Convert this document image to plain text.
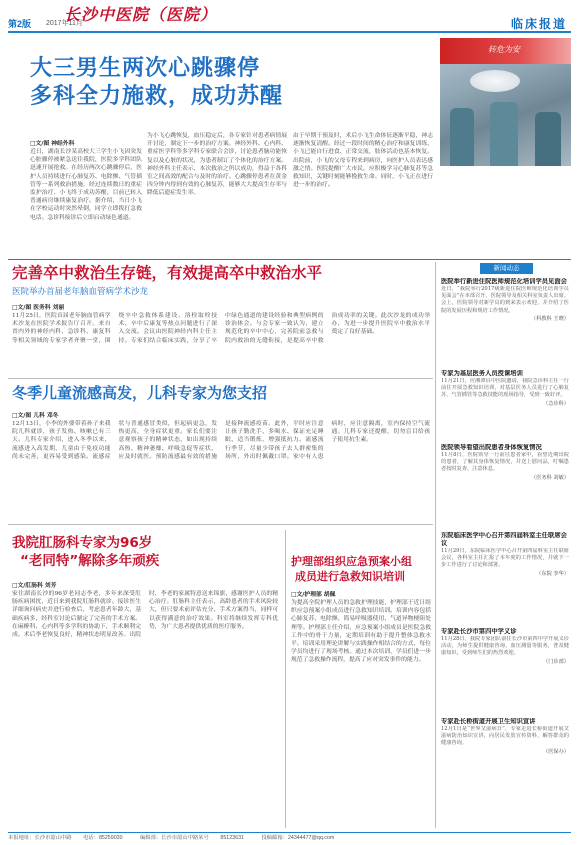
第2版 2017年11月
长沙中医院（医院）	临床报道
大三男生两次心跳骤停
多科全力施救，成功苏醒
转危为安
□文/图 神经外科
近日，湖南长沙某高校大三学生小飞因突发心脏骤停被紧急送往我院，医院多学科团队迅速开展抢救。在经历两次心跳骤停后，医护人员持续进行心肺复苏、电除颤、气管插管等一系列救治措施，经过连续数日的重症监护治疗，小飞终于成功苏醒，目前已转入普通病房继续康复治疗。据介绍，当日小飞在学校运动时突然晕倒，同学立即拨打急救电话。急诊科接诊后立即启动绿色通道。
为小飞心跳恢复，血压稳定后，各专家针对患者病情展开讨论，制定下一步的治疗方案。神经外科、心内科、重症医学科等多学科专家联合会诊，讨论患者脑功能恢复以及心脏的状况，为患者制订了个体化的治疗方案。神经外科主任表示，本次救治之所以成功，得益于各科室之间高效的配合与及时的治疗。心跳骤停患者在黄金四分钟内得到有效的心肺复苏，能够大大提高生存率与降低后遗症发生率。
由于早期干预及时，术后小飞生命体征逐渐平稳，神志逐渐恢复清醒。经过一段时间的精心治疗和康复训练，小飞已能自行进食、正常交流，肢体活动也基本恢复。出院前，小飞的父母专程来到病房，向医护人员表达感激之情。医院提醒广大市民，应积极学习心肺复苏等急救知识，关键时刻能够挽救生命。同时，小飞正在进行进一步的治疗。
完善卒中救治生存链，有效提高卒中救治水平
医院举办首届老年脑血管病学术沙龙
□文/图 医务科 刘丽
11月25日，医院首届老年脑血管病学术沙龙在医院学术报告厅召开。来自省内外的神经内科、急诊科、康复科等相关领域的专家学者齐聚一堂，围绕卒中急救体系建设、溶栓取栓技术、卒中后康复等热点问题进行了深入交流。会议由医院神经内科主任主持。专家们结合临床实践，分享了卒中绿色通道的建设经验和典型病例的诊治体会。与会专家一致认为，建立规范化的卒中中心，完善院前急救与院内救治的无缝衔接，是提高卒中救治成功率的关键。此次沙龙的成功举办，为进一步提升医院卒中救治水平奠定了良好基础。
冬季儿童流感高发，儿科专家为您支招
□文/图 儿科 邓冬
12月13日，小李的外婆带着孙子来我院儿科就诊，孩子发热、咳嗽已有三天。儿科专家介绍，进入冬季以来，流感进入高发期，儿童由于免疫功能尚未完善，更容易受到感染。流感症状与普通感冒类似，但起病更急，发热更高，全身症状更重。家长们要注意观察孩子的精神状态，如出现持续高热、精神萎靡、呼吸急促等症状，应及时就医。预防流感最有效的措施是接种流感疫苗。此外，平时应注意让孩子勤洗手、多喝水、保证充足睡眠、适当锻炼，增强抵抗力。流感流行季节，尽量少带孩子去人群密集的场所，外出时佩戴口罩。家中有人患病时，应注意隔离，室内保持空气流通。儿科专家还提醒，切勿盲目给孩子使用抗生素。
我院肛肠科专家为96岁
“老同特”解除多年顽疾
□文/肛肠科 刘芳
家住湖南长沙的96岁老同志李老，多年来深受肛肠疾病困扰，近日来到我院肛肠科就诊。接诊医生详细询问病史并进行检查后，考虑患者年龄大、基础疾病多，经科室讨论后制定了完善的手术方案。在麻醉科、心内科等多学科的协助下，手术顺利完成。术后李老恢复良好，精神状态明显改善。出院时，李老的家属特意送来锦旗，感谢医护人员的精心治疗。肛肠科主任表示，高龄患者的手术风险较大，但只要术前评估充分、手术方案得当，同样可以获得满意的治疗效果。科室将继续发挥专科优势，为广大患者提供优质的医疗服务。
护理部组织应急预案小组
成员进行急救知识培训
□文/护理部 胡佩
为提高全院护理人员的急救护理技能，护理部于近日组织应急预案小组成员进行急救知识培训。培训内容包括心肺复苏、电除颤、简易呼吸器使用、气道异物梗阻处理等。护理部主任介绍，应急预案小组成员是医院急救工作中的骨干力量，定期培训有助于提升整体急救水平。培训采用理论讲解与实践操作相结合的方式，每位学员均进行了现场考核。通过本次培训，学员们进一步规范了急救操作流程，提高了应对突发事件的能力。
新闻动态
医院举行新进住院医师规范化培训学员见面会
近日，“我院举行2017级新进住院医师规范化培训学员见面会”在本部召开，医院领导及相关科室负责人出席。会上，医院领导对新学员的到来表示欢迎，并介绍了医院的发展历程和规培工作情况。
（科教科 王晓）
专家为基层医务人员授课培训
11月21日，应湘潭县中医院邀请，我院急诊科主任一行前往开展急救知识培训，对基层医务人员进行了心肺复苏、气管插管等急救技能的现场指导，受到一致好评。
（急诊科）
医院领导看望出院患者身体恢复情况
11月8日，医院领导一行前往患者家中，看望近期出院的患者，了解其身体恢复情况，并送上慰问品，叮嘱患者按时复查、注意休息。
（医务科 刘敏）
东院临床医学中心召开第四届科室主任联席会议
11月29日，东院临床医学中心召开第四届科室主任联席会议，各科室主任汇报了本年度的工作情况，并就下一步工作进行了讨论和部署。
（东院 李华）
专家赴长沙市第四中学义诊
11月28日，我院专家团队前往长沙市第四中学开展义诊活动，为师生提供健康咨询、血压测量等服务，普及健康知识，受到师生们的热烈欢迎。
（门诊部）
专家赴长桥街道开展卫生知识宣讲
12月1日是“世界艾滋病日”，专家走进长桥街道开展艾滋病防治知识宣讲，向居民发放宣传资料，解答群众的健康咨询。
（医保办）
本报地址：长沙市韶山中路 电话：85259030	编辑部：长沙市韶山中路某号 85123631	投稿邮箱：24344477@qq.com
